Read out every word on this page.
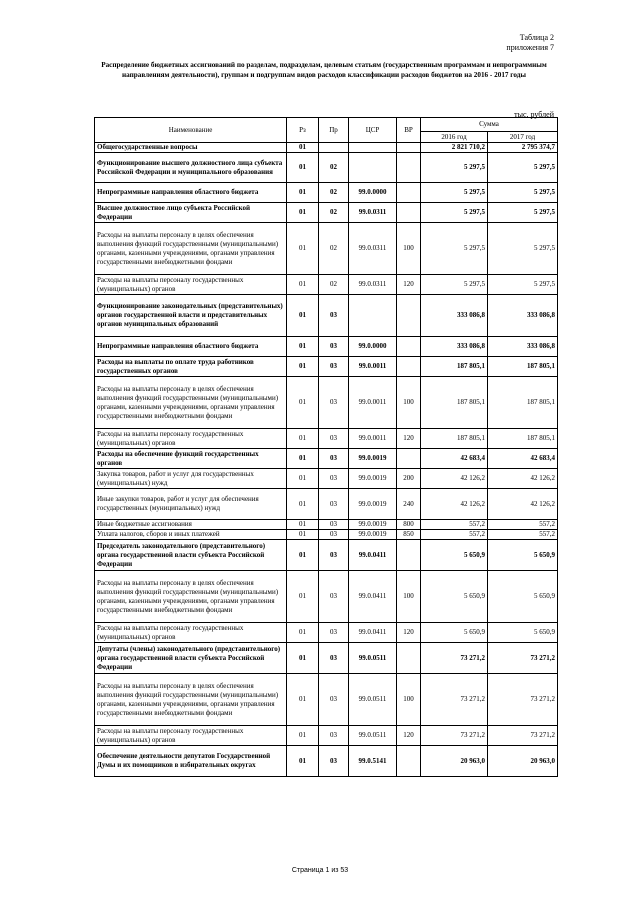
Таблица 2
приложения 7
Распределение бюджетных ассигнований по разделам, подразделам, целевым статьям (государственным программам и непрограммным направлениям деятельности), группам и подгруппам видов расходов классификации расходов бюджетов на 2016 - 2017 годы
тыс. рублей
Наименование	Рз	Пр	ЦСР	ВР	Сумма	
					2016 год	2017 год
Общегосударственные вопросы	01				2 821 710,2	2 795 374,7
Функционирование высшего должностного лица субъекта Российской Федерации и муниципального образования	01	02			5 297,5	5 297,5
Непрограммные направления областного бюджета	01	02	99.0.0000		5 297,5	5 297,5
Высшее должностное лицо субъекта Российской Федерации	01	02	99.0.0311		5 297,5	5 297,5
Расходы на выплаты персоналу в целях обеспечения выполнения функций государственными (муниципальными) органами, казенными учреждениями, органами управления государственными внебюджетными фондами	01	02	99.0.0311	100	5 297,5	5 297,5
Расходы на выплаты персоналу государственных (муниципальных) органов	01	02	99.0.0311	120	5 297,5	5 297,5
Функционирование законодательных (представительных) органов государственной власти и представительных органов муниципальных образований	01	03			333 086,8	333 086,8
Непрограммные направления областного бюджета	01	03	99.0.0000		333 086,8	333 086,8
Расходы на выплаты по оплате труда работников государственных органов	01	03	99.0.0011		187 805,1	187 805,1
Расходы на выплаты персоналу в целях обеспечения выполнения функций государственными (муниципальными) органами, казенными учреждениями, органами управления государственными внебюджетными фондами	01	03	99.0.0011	100	187 805,1	187 805,1
Расходы на выплаты персоналу государственных (муниципальных) органов	01	03	99.0.0011	120	187 805,1	187 805,1
Расходы на обеспечение функций государственных органов	01	03	99.0.0019		42 683,4	42 683,4
Закупка товаров, работ и услуг для государственных (муниципальных) нужд	01	03	99.0.0019	200	42 126,2	42 126,2
Иные закупки товаров, работ и услуг для обеспечения государственных (муниципальных) нужд	01	03	99.0.0019	240	42 126,2	42 126,2
Иные бюджетные ассигнования	01	03	99.0.0019	800	557,2	557,2
Уплата налогов, сборов и иных платежей	01	03	99.0.0019	850	557,2	557,2
Председатель законодательного (представительного) органа государственной власти субъекта Российской Федерации	01	03	99.0.0411		5 650,9	5 650,9
Расходы на выплаты персоналу в целях обеспечения выполнения функций государственными (муниципальными) органами, казенными учреждениями, органами управления государственными внебюджетными фондами	01	03	99.0.0411	100	5 650,9	5 650,9
Расходы на выплаты персоналу государственных (муниципальных) органов	01	03	99.0.0411	120	5 650,9	5 650,9
Депутаты (члены) законодательного (представительного) органа государственной власти субъекта Российской Федерации	01	03	99.0.0511		73 271,2	73 271,2
Расходы на выплаты персоналу в целях обеспечения выполнения функций государственными (муниципальными) органами, казенными учреждениями, органами управления государственными внебюджетными фондами	01	03	99.0.0511	100	73 271,2	73 271,2
Расходы на выплаты персоналу государственных (муниципальных) органов	01	03	99.0.0511	120	73 271,2	73 271,2
Обеспечение деятельности депутатов Государственной Думы и их помощников в избирательных округах	01	03	99.0.5141		20 963,0	20 963,0
Страница 1 из 53
